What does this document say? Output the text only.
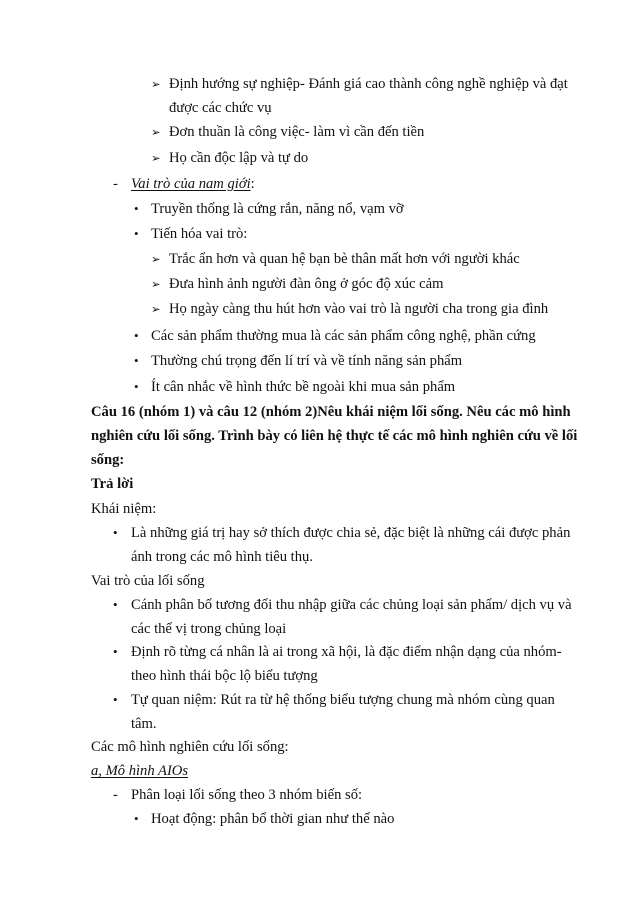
➢ Định hướng sự nghiệp- Đánh giá cao thành công nghề nghiệp và đạt
được các chức vụ
➢ Đơn thuần là công việc- làm vì cần đến tiền
➢ Họ cần độc lập và tự do
- Vai trò của nam giới:
• Truyền thống là cứng rắn, năng nổ, vạm vỡ
• Tiến hóa vai trò:
➢ Trắc ẩn hơn và quan hệ bạn bè thân mất hơn với người khác
➢ Đưa hình ảnh người đàn ông ở góc độ xúc cảm
➢ Họ ngày càng thu hút hơn vào vai trò là người cha trong gia đình
• Các sản phẩm thường mua là các sản phẩm công nghệ, phần cứng
• Thường chú trọng đến lí trí và về tính năng sản phẩm
• Ít cân nhắc về hình thức bề ngoài khi mua sản phẩm
Câu 16 (nhóm 1) và câu 12 (nhóm 2)Nêu khái niệm lối sống. Nêu các mô hình
nghiên cứu lối sống. Trình bày có liên hệ thực tế các mô hình nghiên cứu về lối
sống:
Trả lời
Khái niệm:
• Là những giá trị hay sở thích được chia sẻ, đặc biệt là những cái được phản
ánh trong các mô hình tiêu thụ.
Vai trò của lối sống
• Cánh phân bố tương đối thu nhập giữa các chủng loại sản phẩm/ dịch vụ và
các thế vị trong chủng loại
• Định rõ từng cá nhân là ai trong xã hội, là đặc điểm nhận dạng của nhóm-
theo hình thái bộc lộ biểu tượng
• Tự quan niệm: Rút ra từ hệ thống biểu tượng chung mà nhóm cùng quan
tâm.
Các mô hình nghiên cứu lối sống:
a, Mô hình AIOs
- Phân loại lối sống theo 3 nhóm biến số:
• Hoạt động: phân bổ thời gian như thế nào
